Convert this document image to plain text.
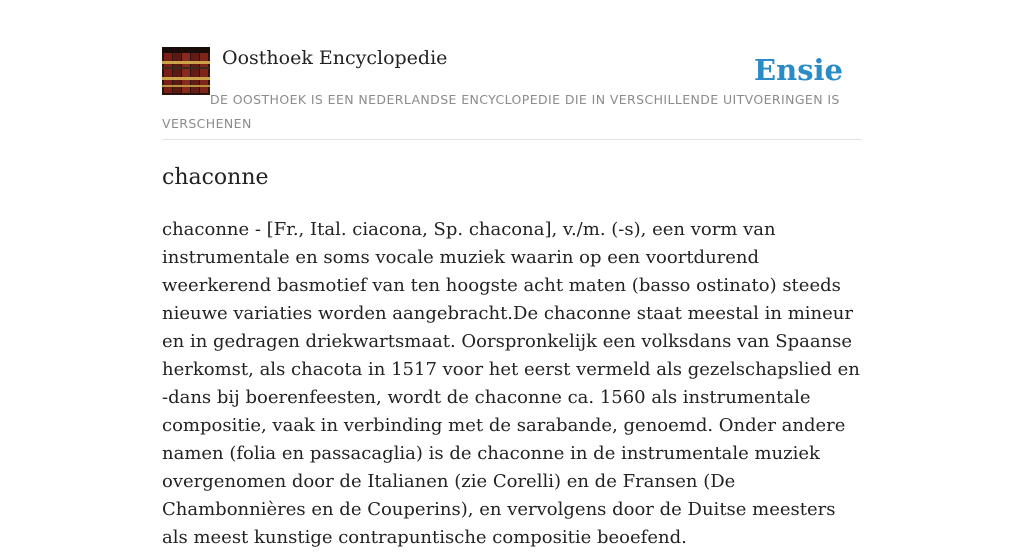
Oosthoek Encyclopedie	Ensie
DE OOSTHOEK IS EEN NEDERLANDSE ENCYCLOPEDIE DIE IN VERSCHILLENDE UITVOERINGEN IS VERSCHENEN
chaconne

chaconne - [Fr., Ital. ciacona, Sp. chacona], v./m. (-s), een vorm van instrumentale en soms vocale muziek waarin op een voortdurend weerkerend basmotief van ten hoogste acht maten (basso ostinato) steeds nieuwe variaties worden aangebracht.De chaconne staat meestal in mineur en in gedragen driekwartsmaat. Oorspronkelijk een volksdans van Spaanse herkomst, als chacota in 1517 voor het eerst vermeld als gezelschapslied en -dans bij boerenfeesten, wordt de chaconne ca. 1560 als instrumentale compositie, vaak in verbinding met de sarabande, genoemd. Onder andere namen (folia en passacaglia) is de chaconne in de instrumentale muziek overgenomen door de Italianen (zie Corelli) en de Fransen (De Chambonnières en de Couperins), en vervolgens door de Duitse meesters als meest kunstige contrapuntische compositie beoefend.
